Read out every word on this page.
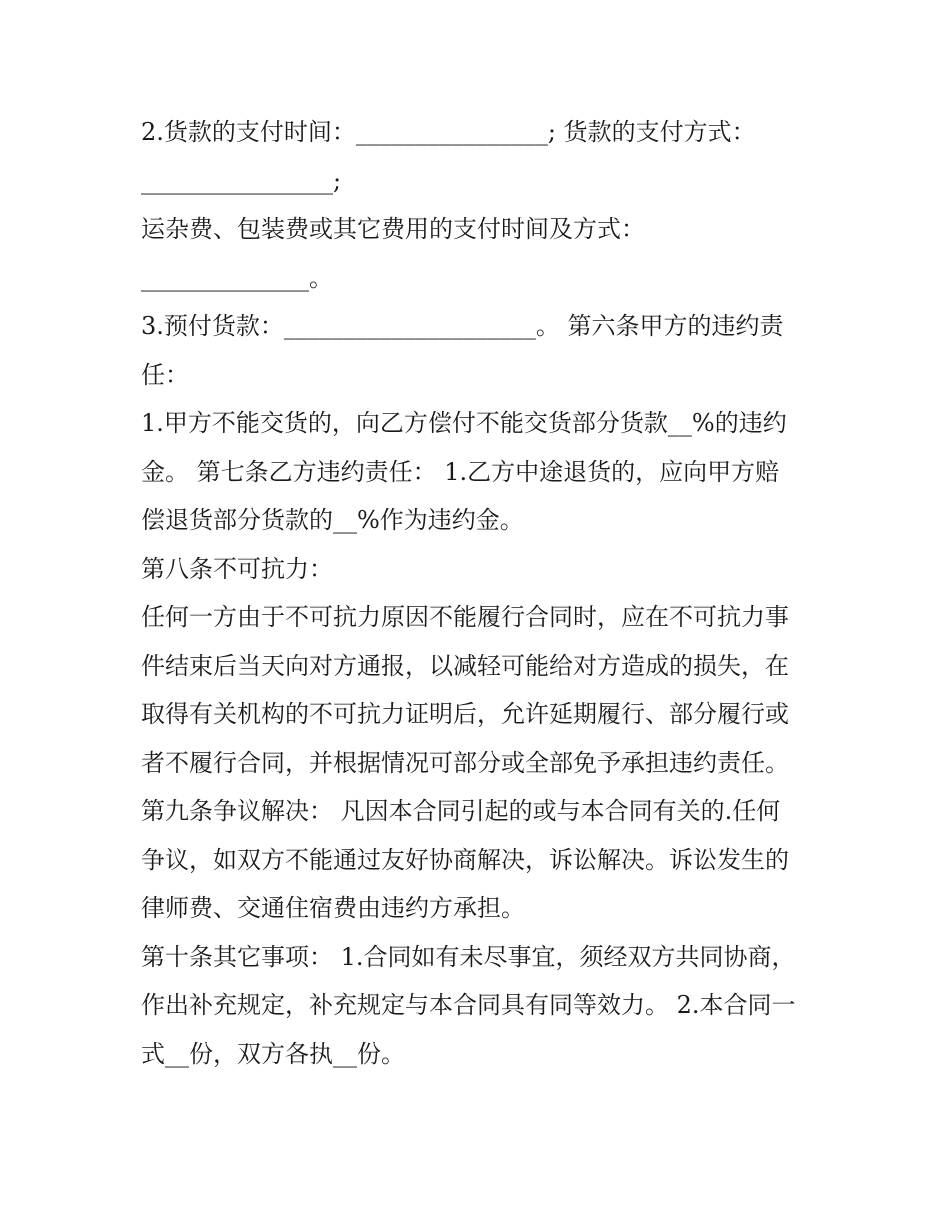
2.货款的支付时间：________________; 货款的支付方式：
________________;
运杂费、包装费或其它费用的支付时间及方式：
______________。
3.预付货款：_____________________。 第六条甲方的违约责
任：
1.甲方不能交货的，向乙方偿付不能交货部分货款__%的违约
金。 第七条乙方违约责任： 1.乙方中途退货的，应向甲方赔
偿退货部分货款的__%作为违约金。
第八条不可抗力：
任何一方由于不可抗力原因不能履行合同时，应在不可抗力事
件结束后当天向对方通报，以减轻可能给对方造成的损失，在
取得有关机构的不可抗力证明后，允许延期履行、部分履行或
者不履行合同，并根据情况可部分或全部免予承担违约责任。
第九条争议解决： 凡因本合同引起的或与本合同有关的.任何
争议，如双方不能通过友好协商解决，诉讼解决。诉讼发生的
律师费、交通住宿费由违约方承担。
第十条其它事项： 1.合同如有未尽事宜，须经双方共同协商，
作出补充规定，补充规定与本合同具有同等效力。 2.本合同一
式__份，双方各执__份。
